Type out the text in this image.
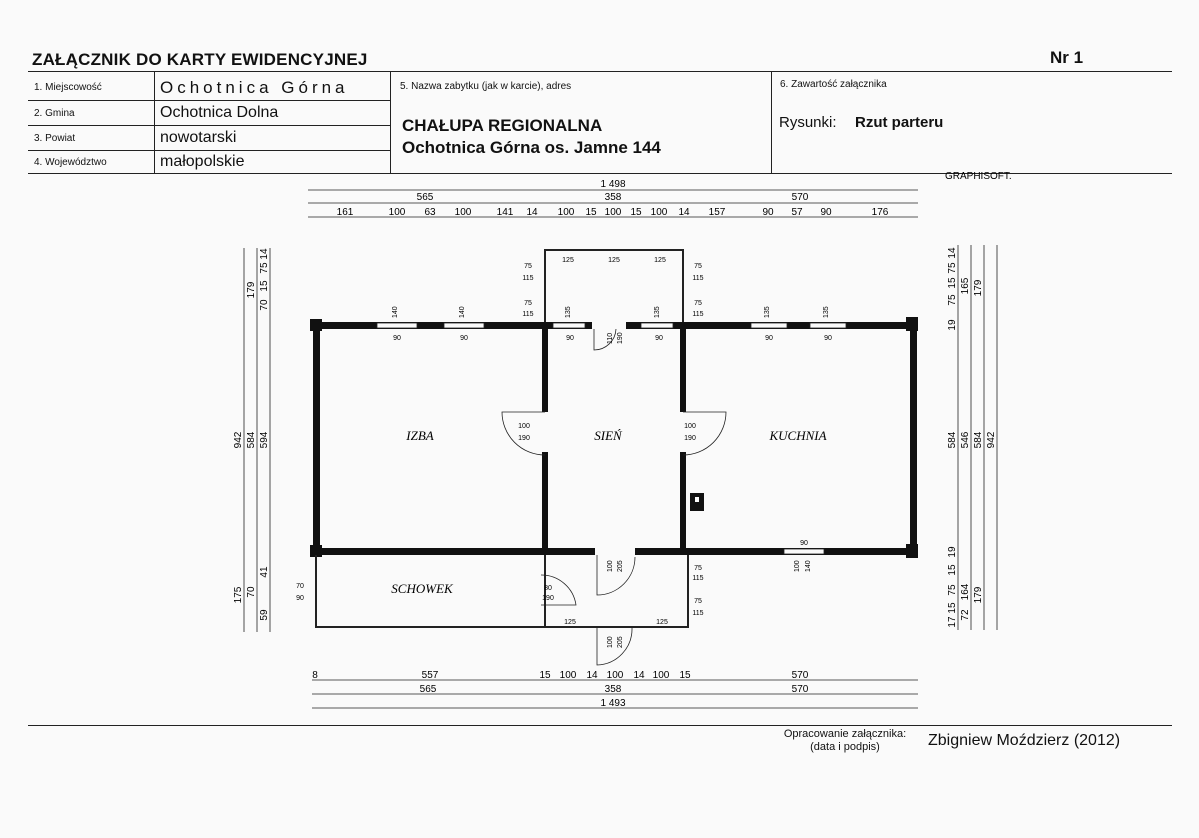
ZAŁĄCZNIK DO KARTY EWIDENCYJNEJ	Nr 1
1. Miejscowość	Ochotnica Górna
2. Gmina	Ochotnica Dolna
3. Powiat	nowotarski
4. Województwo	małopolskie
5. Nazwa zabytku (jak w karcie), adres
CHAŁUPA REGIONALNA
Ochotnica Górna os. Jamne 144
6. Zawartość załącznika
Rysunki: Rzut parteru
GRAPHISOFT.
1 498
565	358	570
161	100 63 100	141 14 100 15 100 15 100 14 157	90 57 90	176
8	557	15 100 14 100 14 100 15	570
565	358	570
1 493
942
175
179
584
70
15
70
594
41
59
75
14
75
15
75
14
19
584
19
15
75
17
15
165
546
164
72
179
584
179
942
IZBA	SIEŃ	KUCHNIA
SCHOWEK
90	90	90	90	90	90
90
100
190
100
190
80
190
70
90
125	125	125
75
115
75
115
75
115
75
115
75
115
75
115
125	125
140	140	135	135	135	135
110 190
100 205
100 205
100 140
Opracowanie załącznika:
(data i podpis)	Zbigniew Moździerz (2012)
